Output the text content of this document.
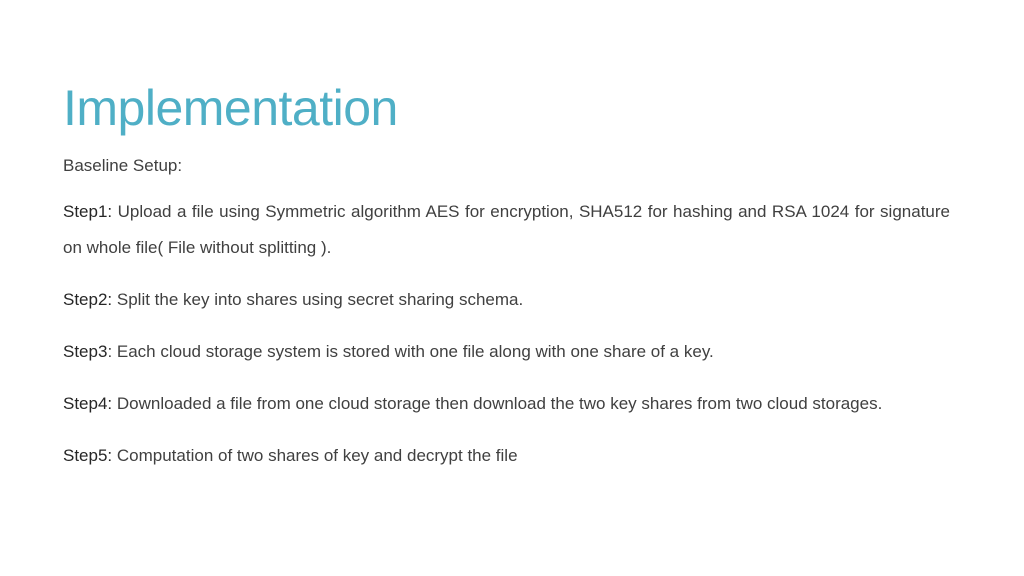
Implementation

Baseline Setup:

Step1: Upload a file using Symmetric algorithm AES for encryption, SHA512 for hashing and RSA 1024 for signature on whole file( File without splitting ).

Step2: Split the key into shares using secret sharing schema.

Step3: Each cloud storage system is stored with one file along with one share of a key.

Step4: Downloaded a file from one cloud storage then download the two key shares from two cloud storages.

Step5: Computation of two shares of key and decrypt the file
